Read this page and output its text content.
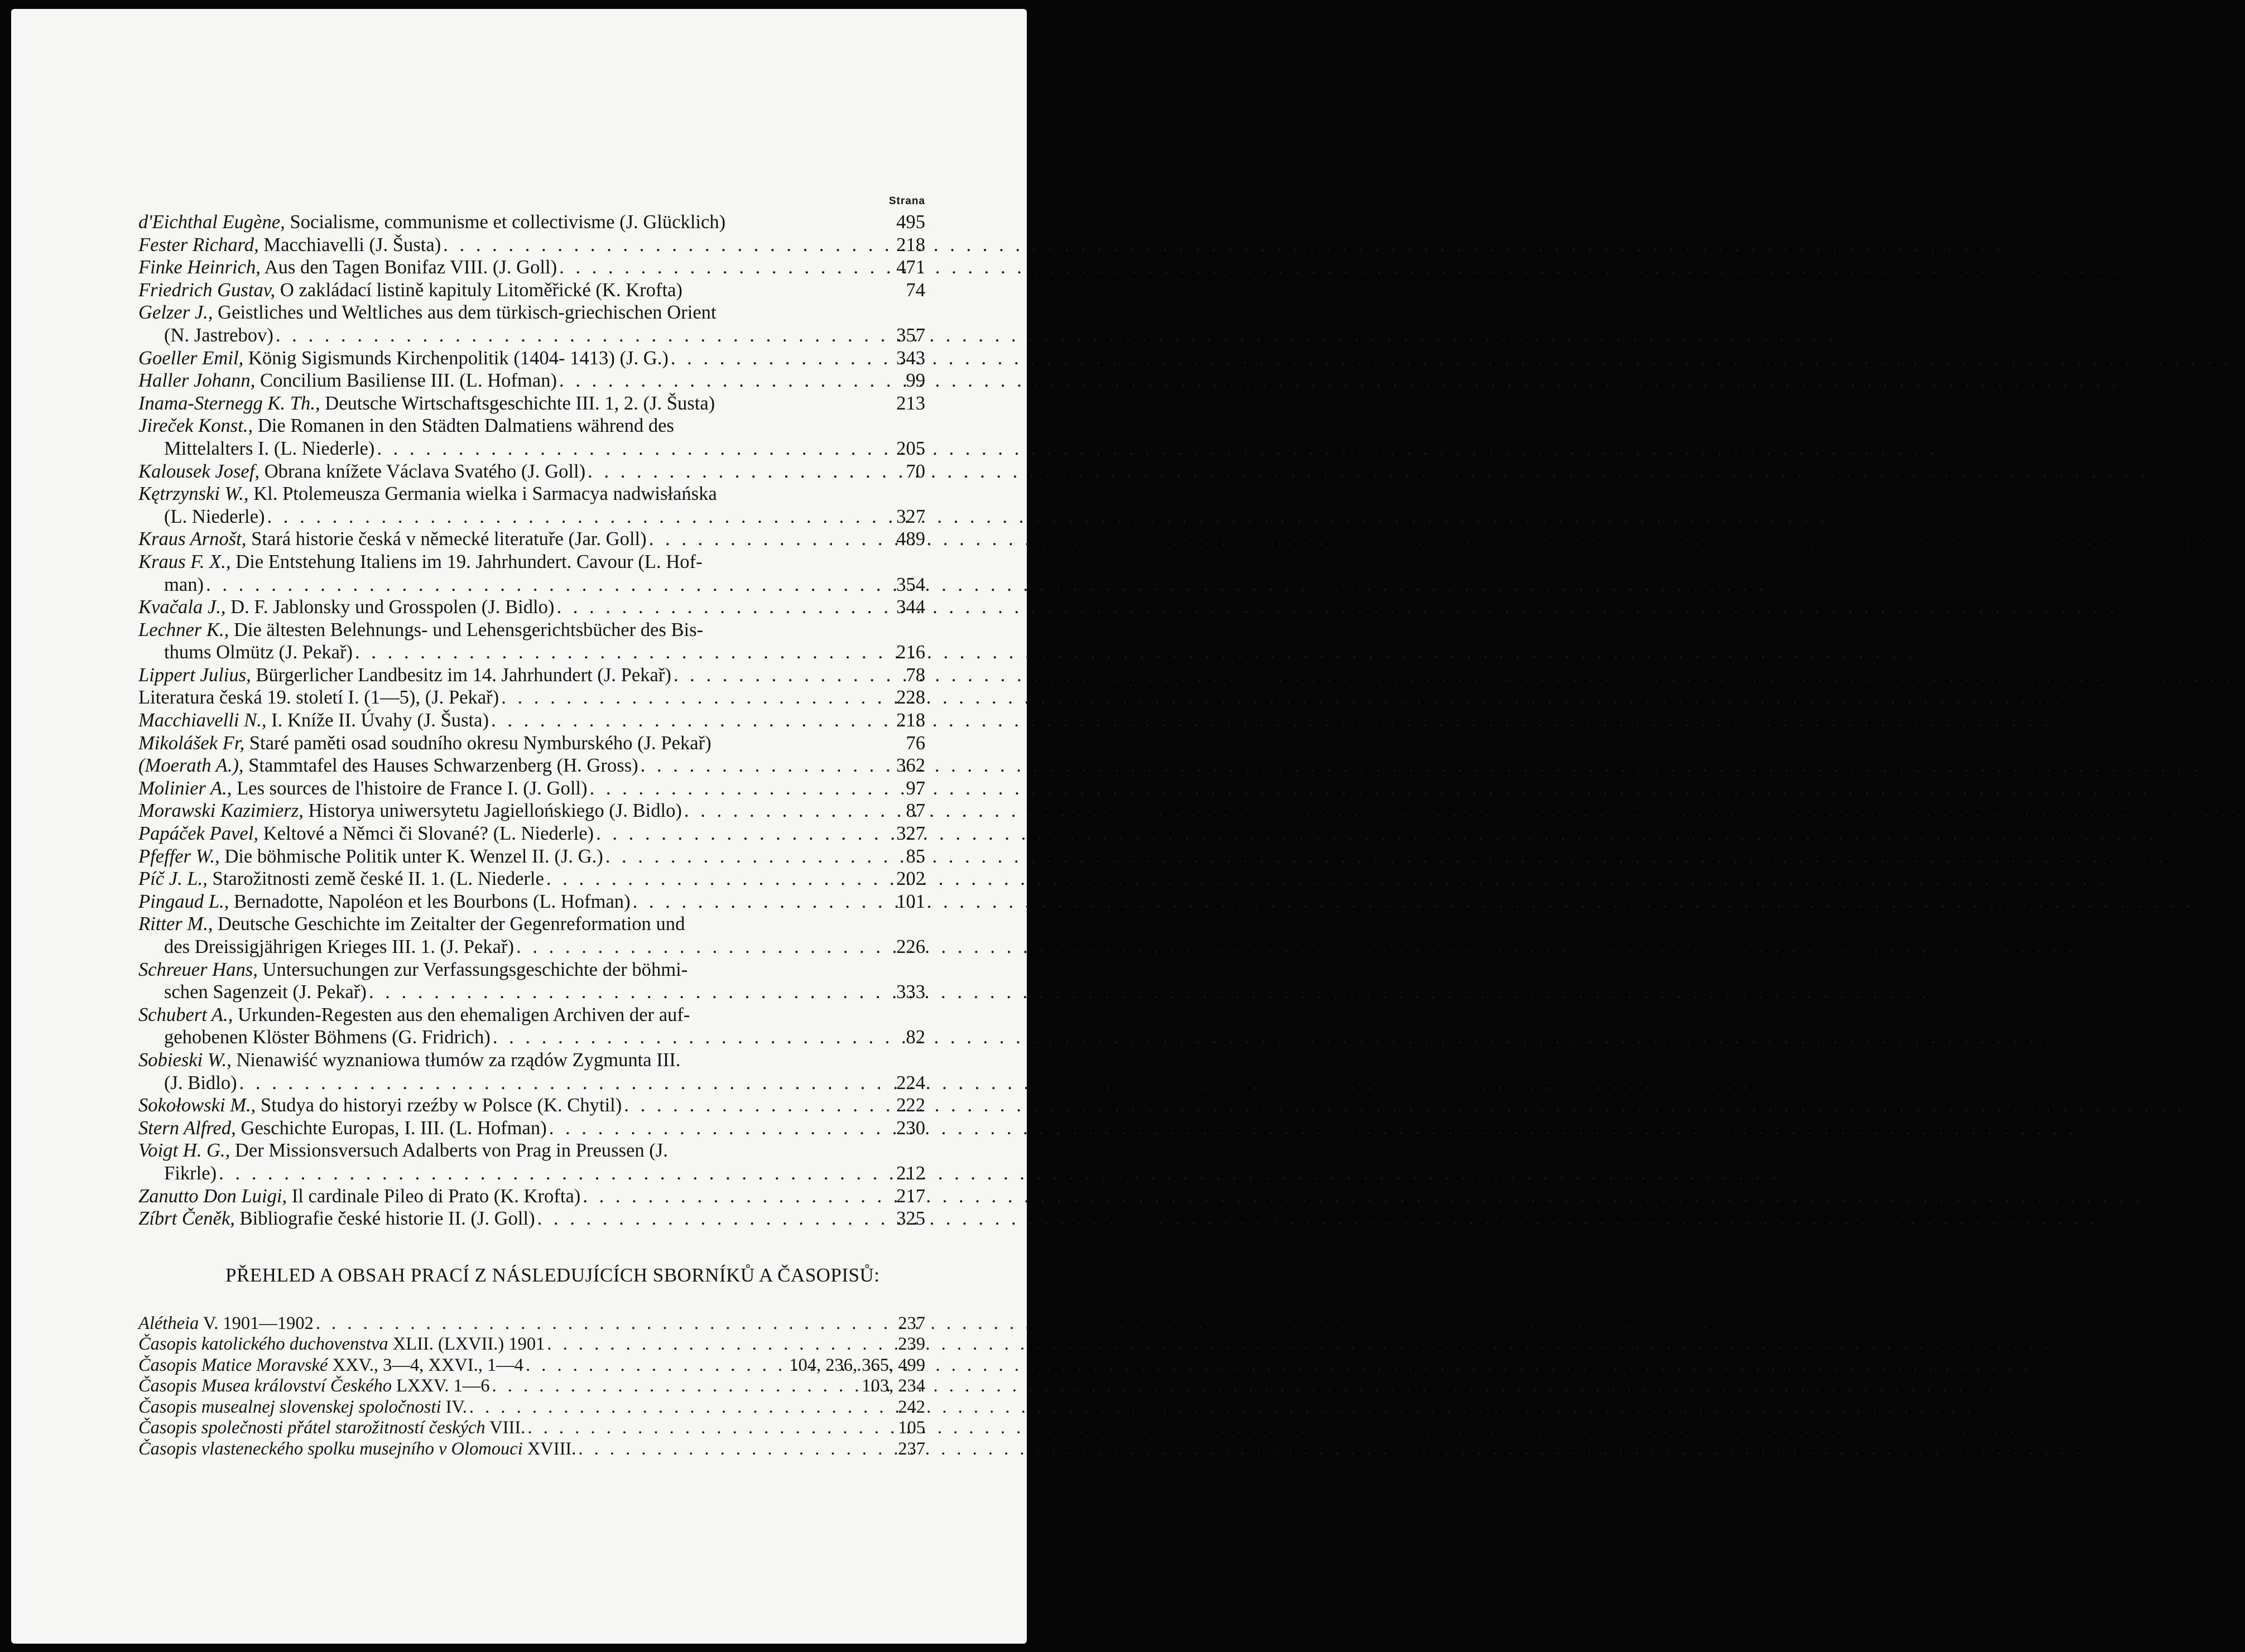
Strana
d'Eichthal Eugène, Socialisme, communisme et collectivisme (J. Glücklich)	495
Fester Richard, Macchiavelli (J. Šusta) . . .	218
Finke Heinrich, Aus den Tagen Bonifaz VIII. (J. Goll) . . .	471
Friedrich Gustav, O zakládací listině kapituly Litoměřické (K. Krofta)	74
Gelzer J., Geistliches und Weltliches aus dem türkisch-griechischen Orient
(N. Jastrebov) . . .	357
Goeller Emil, König Sigismunds Kirchenpolitik (1404- 1413) (J. G.) . . .	343
Haller Johann, Concilium Basiliense III. (L. Hofman) . . .	99
Inama-Sternegg K. Th., Deutsche Wirtschaftsgeschichte III. 1, 2. (J. Šusta)	213
Jireček Konst., Die Romanen in den Städten Dalmatiens während des
Mittelalters I. (L. Niederle) . . .	205
Kalousek Josef, Obrana knížete Václava Svatého (J. Goll) . . .	70
Kętrzynski W., Kl. Ptolemeusza Germania wielka i Sarmacya nadwisłańska
(L. Niederle) . . .	327
Kraus Arnošt, Stará historie česká v německé literatuře (Jar. Goll) . . .	489
Kraus F. X., Die Entstehung Italiens im 19. Jahrhundert. Cavour (L. Hof-
man) . . .	354
Kvačala J., D. F. Jablonsky und Grosspolen (J. Bidlo) . . .	344
Lechner K., Die ältesten Belehnungs- und Lehensgerichtsbücher des Bis-
thums Olmütz (J. Pekař) . . .	216
Lippert Julius, Bürgerlicher Landbesitz im 14. Jahrhundert (J. Pekař) . . .	78
Literatura česká 19. století I. (1—5), (J. Pekař) . . .	228
Macchiavelli N., I. Kníže II. Úvahy (J. Šusta) . . .	218
Mikolášek Fr, Staré paměti osad soudního okresu Nymburského (J. Pekař)	76
(Moerath A.), Stammtafel des Hauses Schwarzenberg (H. Gross) . . .	362
Molinier A., Les sources de l'histoire de France I. (J. Goll) . . .	97
Morawski Kazimierz, Historya uniwersytetu Jagiellońskiego (J. Bidlo) . . .	87
Papáček Pavel, Keltové a Němci či Slované? (L. Niederle) . . .	327
Pfeffer W., Die böhmische Politik unter K. Wenzel II. (J. G.) . . .	85
Píč J. L., Starožitnosti země české II. 1. (L. Niederle . . .	202
Pingaud L., Bernadotte, Napoléon et les Bourbons (L. Hofman) . . .	101
Ritter M., Deutsche Geschichte im Zeitalter der Gegenreformation und
des Dreissigjährigen Krieges III. 1. (J. Pekař) . . .	226
Schreuer Hans, Untersuchungen zur Verfassungsgeschichte der böhmi-
schen Sagenzeit (J. Pekař) . . .	333
Schubert A., Urkunden-Regesten aus den ehemaligen Archiven der auf-
gehobenen Klöster Böhmens (G. Fridrich) . . .	82
Sobieski W., Nienawiść wyznaniowa tłumów za rządów Zygmunta III.
(J. Bidlo) . . .	224
Sokołowski M., Studya do historyi rzeźby w Polsce (K. Chytil) . . .	222
Stern Alfred, Geschichte Europas, I. III. (L. Hofman) . . .	230
Voigt H. G., Der Missionsversuch Adalberts von Prag in Preussen (J.
Fikrle) . . .	212
Zanutto Don Luigi, Il cardinale Pileo di Prato (K. Krofta) . . .	217
Zíbrt Čeněk, Bibliografie české historie II. (J. Goll) . . .	325
PŘEHLED A OBSAH PRACÍ Z NÁSLEDUJÍCÍCH SBORNÍKŮ A ČASOPISŮ:
Alétheia V. 1901—1902 . . .	237
Časopis katolického duchovenstva XLII. (LXVII.) 1901 . . .	239
Časopis Matice Moravské XXV., 3—4, XXVI., 1—4 . . .	104, 236, 365, 499
Časopis Musea království Českého LXXV. 1—6 . . .	103, 234
Časopis musealnej slovenskej spoločnosti IV. . . .	242
Časopis společnosti přátel starožitností českých VIII. . . .	105
Časopis vlasteneckého spolku musejního v Olomouci XVIII. . . .	237
